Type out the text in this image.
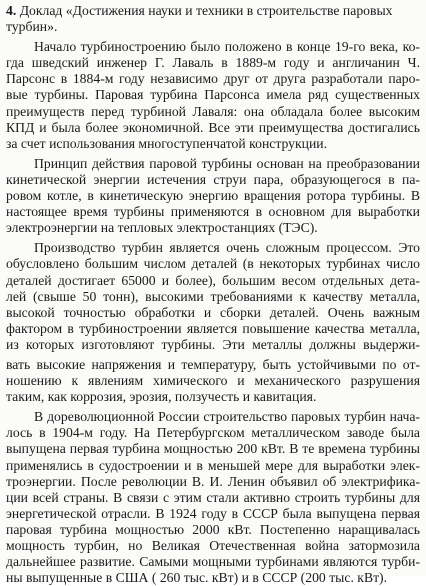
4. Доклад «Достижения науки и техники в строительстве паровых
турбин».
Начало турбиностроению было положено в конце 19-го века, ко-
гда шведский инженер Г. Лаваль в 1889-м году и англичанин Ч.
Парсонс в 1884-м году независимо друг от друга разработали паро-
вые турбины. Паровая турбина Парсонса имела ряд существенных
преимуществ перед турбиной Лаваля: она обладала более высоким
КПД и была более экономичной. Все эти преимущества достигались
за счет использования многоступенчатой конструкции.
Принцип действия паровой турбины основан на преобразовании
кинетической энергии истечения струи пара, образующегося в па-
ровом котле, в кинетическую энергию вращения ротора турбины. В
настоящее время турбины применяются в основном для выработки
электроэнергии на тепловых электростанциях (ТЭС).
Производство турбин является очень сложным процессом. Это
обусловлено большим числом деталей (в некоторых турбинах число
деталей достигает 65000 и более), большим весом отдельных дета-
лей (свыше 50 тонн), высокими требованиями к качеству металла,
высокой точностью обработки и сборки деталей. Очень важным
фактором в турбиностроении является повышение качества металла,
из которых изготовляют турбины. Эти металлы должны выдержи-
вать высокие напряжения и температуру, быть устойчивыми по от-
ношению к явлениям химического и механического разрушения
таким, как коррозия, эрозия, ползучесть и кавитация.
В дореволюционной России строительство паровых турбин нача-
лось в 1904-м году. На Петербургском металлическом заводе была
выпущена первая турбина мощностью 200 кВт. В те времена турбины
применялись в судостроении и в меньшей мере для выработки элек-
троэнергии. После революции В. И. Ленин объявил об электрифика-
ции всей страны. В связи с этим стали активно строить турбины для
энергетической отрасли. В 1924 году в СССР была выпущена первая
паровая турбина мощностью 2000 кВт. Постепенно наращивалась
мощность турбин, но Великая Отечественная война затормозила
дальнейшее развитие. Самыми мощными турбинами являются турби-
ны выпущенные в США ( 260 тыс. кВт) и в СССР (200 тыс. кВт).
